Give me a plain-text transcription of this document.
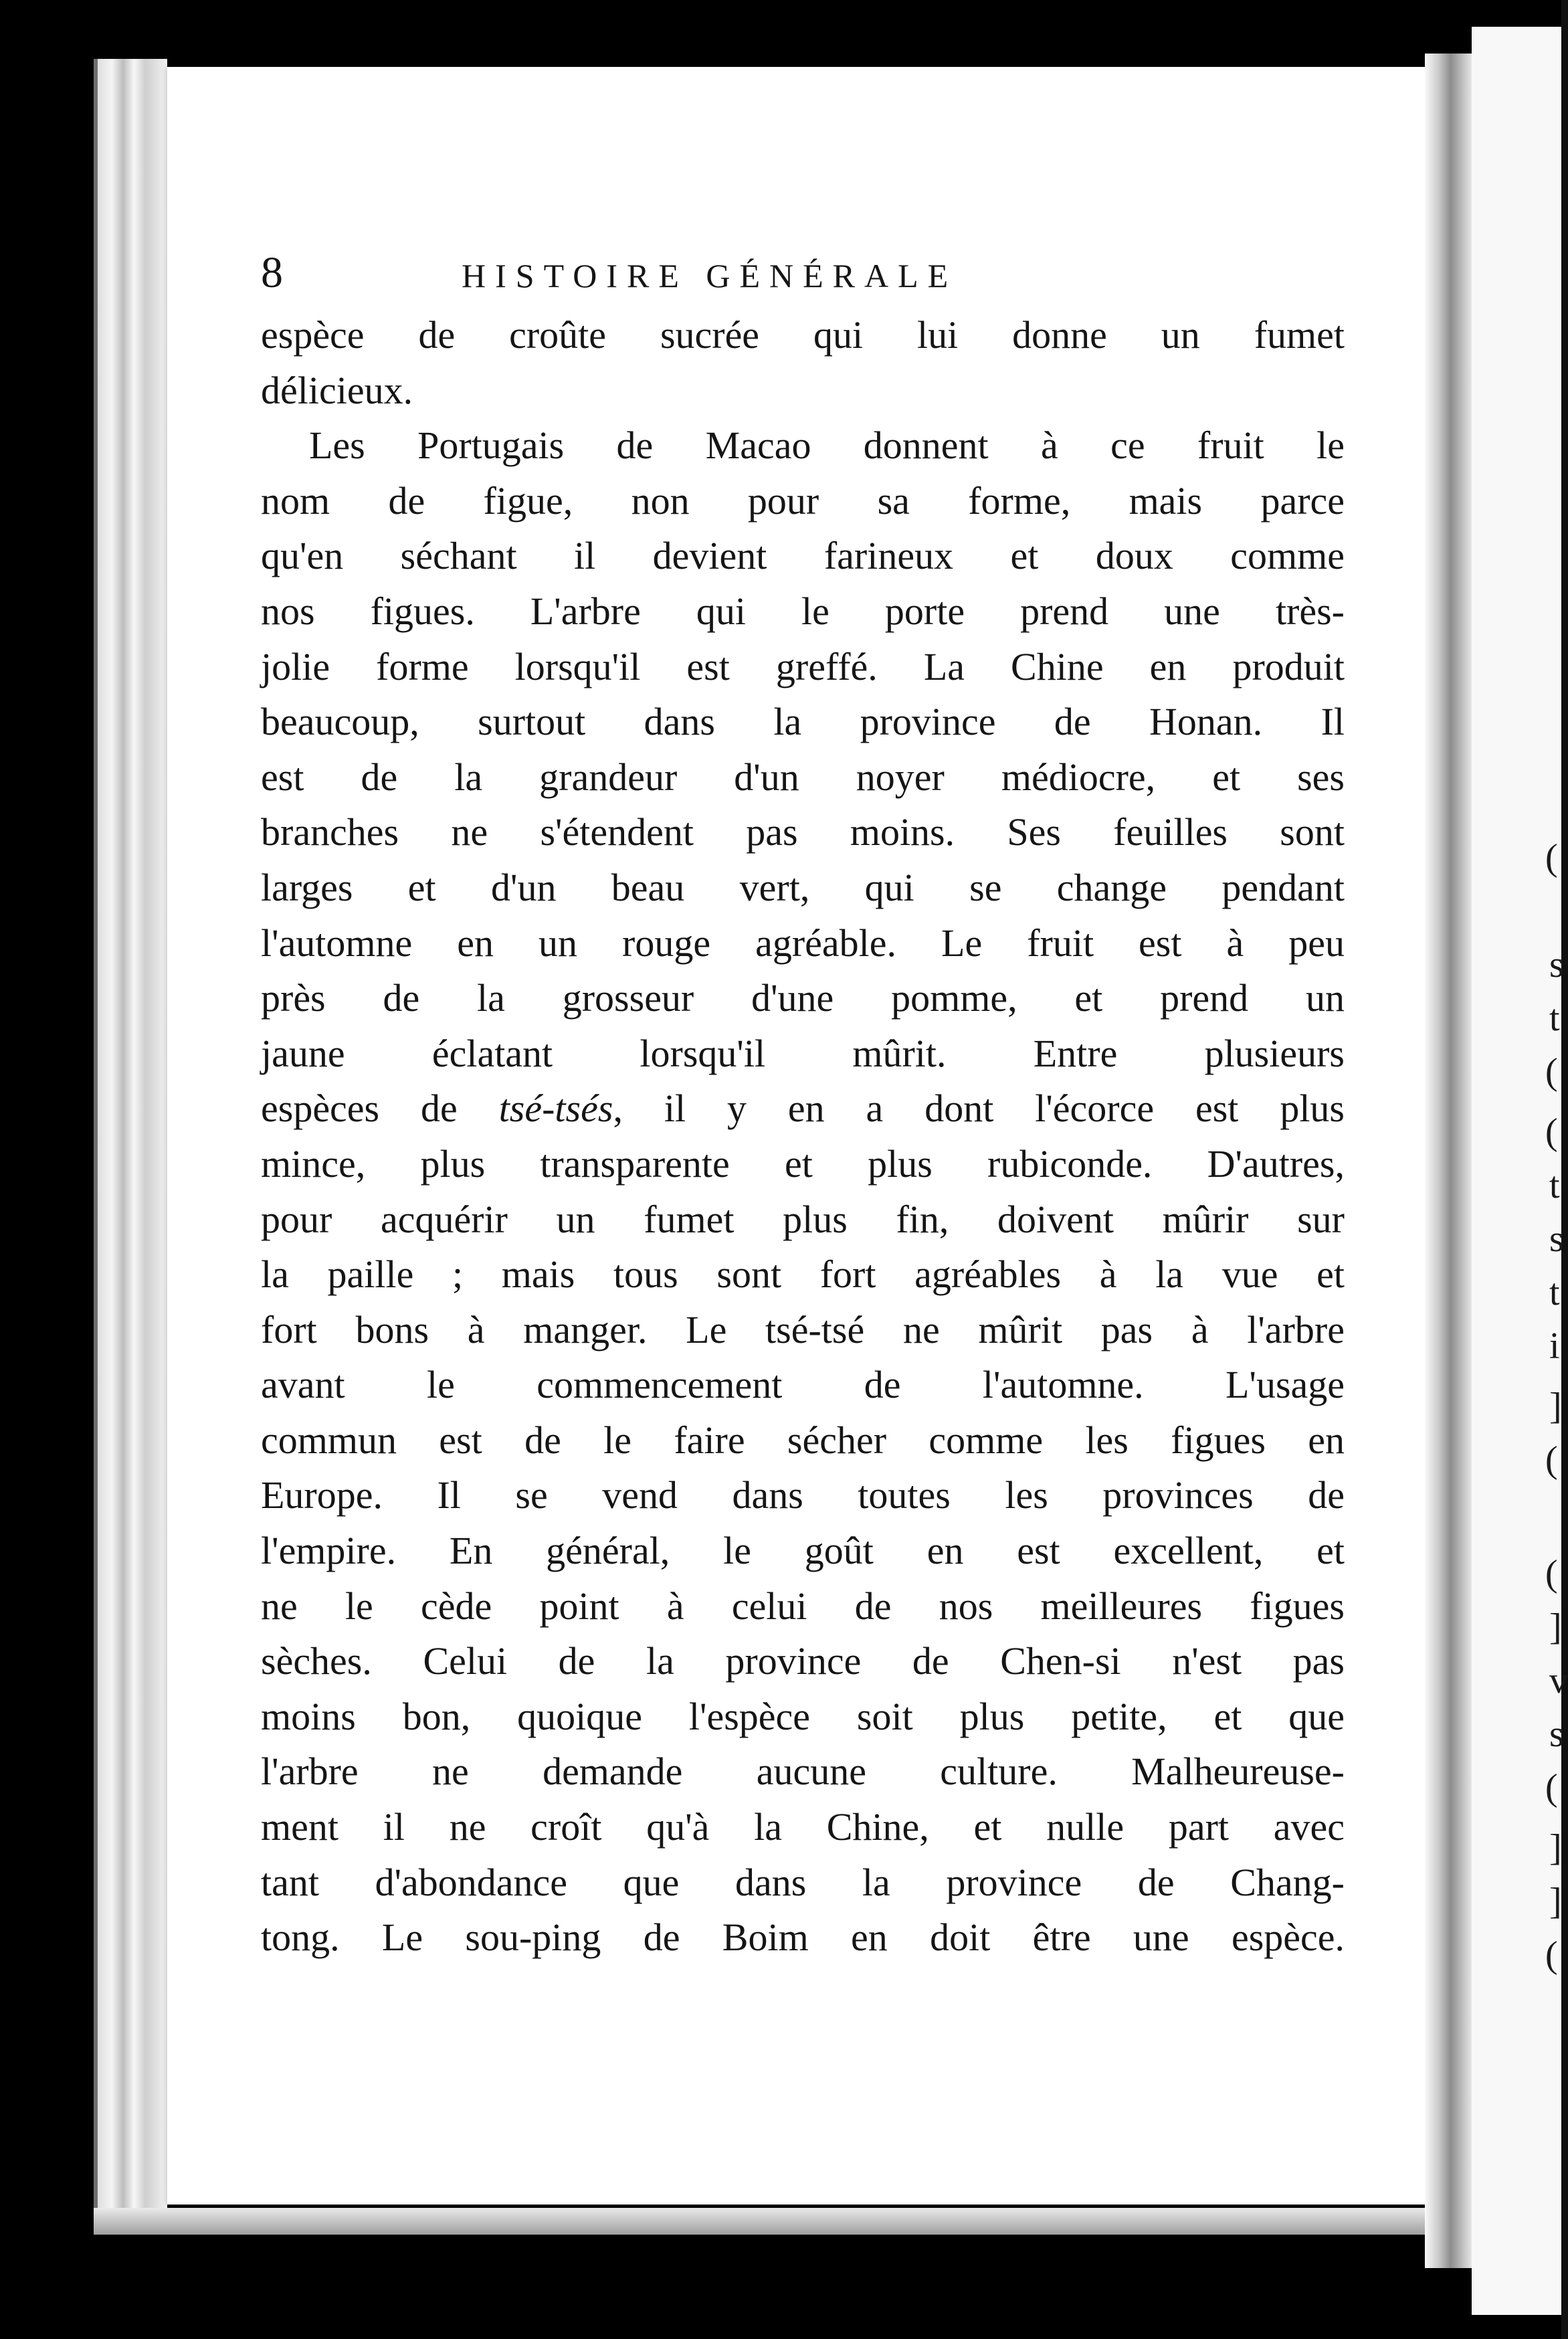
(
s
t
(
(
t
s
t
i
]
(
(
]
v
s
(
]
]
(
8	HISTOIRE GÉNÉRALE
espèce de croûte sucrée qui lui donne un fumet
délicieux.
Les Portugais de Macao donnent à ce fruit le
nom de figue, non pour sa forme, mais parce
qu'en séchant il devient farineux et doux comme
nos figues. L'arbre qui le porte prend une très-
jolie forme lorsqu'il est greffé. La Chine en produit
beaucoup, surtout dans la province de Honan. Il
est de la grandeur d'un noyer médiocre, et ses
branches ne s'étendent pas moins. Ses feuilles sont
larges et d'un beau vert, qui se change pendant
l'automne en un rouge agréable. Le fruit est à peu
près de la grosseur d'une pomme, et prend un
jaune éclatant lorsqu'il mûrit. Entre plusieurs
espèces de tsé-tsés, il y en a dont l'écorce est plus
mince, plus transparente et plus rubiconde. D'autres,
pour acquérir un fumet plus fin, doivent mûrir sur
la paille ; mais tous sont fort agréables à la vue et
fort bons à manger. Le tsé-tsé ne mûrit pas à l'arbre
avant le commencement de l'automne. L'usage
commun est de le faire sécher comme les figues en
Europe. Il se vend dans toutes les provinces de
l'empire. En général, le goût en est excellent, et
ne le cède point à celui de nos meilleures figues
sèches. Celui de la province de Chen-si n'est pas
moins bon, quoique l'espèce soit plus petite, et que
l'arbre ne demande aucune culture. Malheureuse-
ment il ne croît qu'à la Chine, et nulle part avec
tant d'abondance que dans la province de Chang-
tong. Le sou-ping de Boim en doit être une espèce.
